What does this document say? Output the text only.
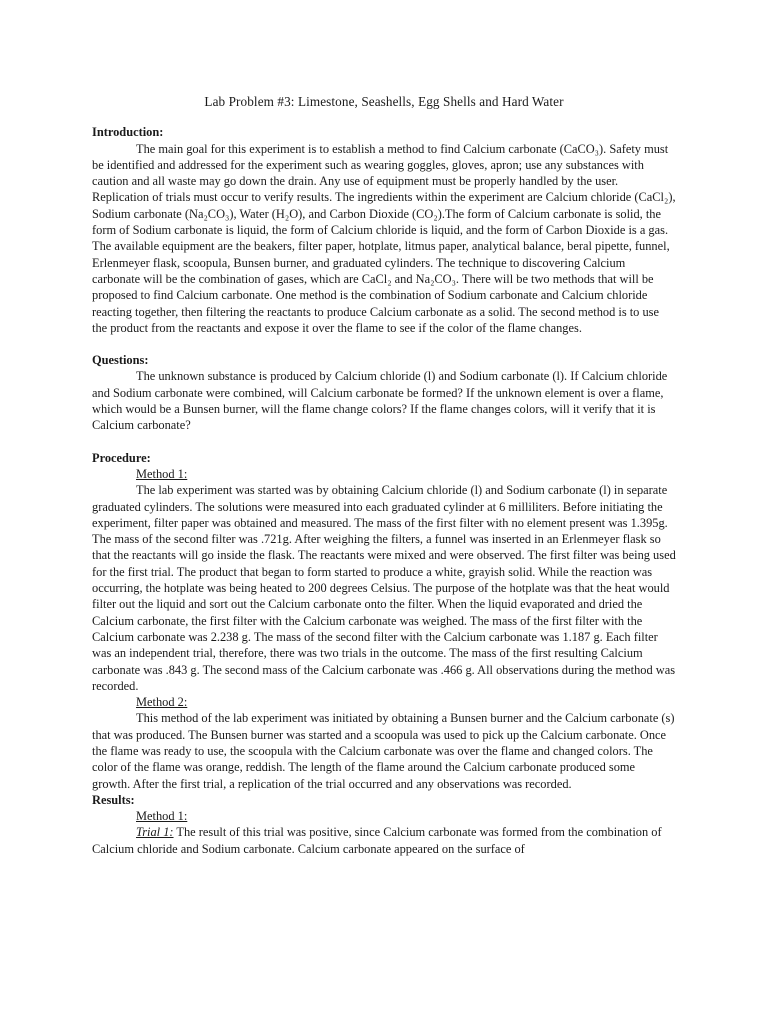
Lab Problem #3: Limestone, Seashells, Egg Shells and Hard Water

Introduction:

The main goal for this experiment is to establish a method to find Calcium carbonate (CaCO₃). Safety must be identified and addressed for the experiment such as wearing goggles, gloves, apron; use any substances with caution and all waste may go down the drain. Any use of equipment must be properly handled by the user. Replication of trials must occur to verify results. The ingredients within the experiment are Calcium chloride (CaCl₂), Sodium carbonate (Na₂CO₃), Water (H₂O), and Carbon Dioxide (CO₂).The form of Calcium carbonate is solid, the form of Sodium carbonate is liquid, the form of Calcium chloride is liquid, and the form of Carbon Dioxide is a gas. The available equipment are the beakers, filter paper, hotplate, litmus paper, analytical balance, beral pipette, funnel, Erlenmeyer flask, scoopula, Bunsen burner, and graduated cylinders. The technique to discovering Calcium carbonate will be the combination of gases, which are CaCl₂ and Na₂CO₃. There will be two methods that will be proposed to find Calcium carbonate. One method is the combination of Sodium carbonate and Calcium chloride reacting together, then filtering the reactants to produce Calcium carbonate as a solid. The second method is to use the product from the reactants and expose it over the flame to see if the color of the flame changes.

Questions:

The unknown substance is produced by Calcium chloride (l) and Sodium carbonate (l). If Calcium chloride and Sodium carbonate were combined, will Calcium carbonate be formed? If the unknown element is over a flame, which would be a Bunsen burner, will the flame change colors? If the flame changes colors, will it verify that it is Calcium carbonate?

Procedure:

Method 1:

The lab experiment was started was by obtaining Calcium chloride (l) and Sodium carbonate (l) in separate graduated cylinders. The solutions were measured into each graduated cylinder at 6 milliliters. Before initiating the experiment, filter paper was obtained and measured. The mass of the first filter with no element present was 1.395g. The mass of the second filter was .721g. After weighing the filters, a funnel was inserted in an Erlenmeyer flask so that the reactants will go inside the flask. The reactants were mixed and were observed. The first filter was being used for the first trial. The product that began to form started to produce a white, grayish solid. While the reaction was occurring, the hotplate was being heated to 200 degrees Celsius. The purpose of the hotplate was that the heat would filter out the liquid and sort out the Calcium carbonate onto the filter. When the liquid evaporated and dried the Calcium carbonate, the first filter with the Calcium carbonate was weighed. The mass of the first filter with the Calcium carbonate was 2.238 g. The mass of the second filter with the Calcium carbonate was 1.187 g. Each filter was an independent trial, therefore, there was two trials in the outcome. The mass of the first resulting Calcium carbonate was .843 g. The second mass of the Calcium carbonate was .466 g. All observations during the method was recorded.

Method 2:

This method of the lab experiment was initiated by obtaining a Bunsen burner and the Calcium carbonate (s) that was produced. The Bunsen burner was started and a scoopula was used to pick up the Calcium carbonate. Once the flame was ready to use, the scoopula with the Calcium carbonate was over the flame and changed colors. The color of the flame was orange, reddish. The length of the flame around the Calcium carbonate produced some growth. After the first trial, a replication of the trial occurred and any observations was recorded.

Results:

Method 1:

Trial 1: The result of this trial was positive, since Calcium carbonate was formed from the combination of Calcium chloride and Sodium carbonate. Calcium carbonate appeared on the surface of
